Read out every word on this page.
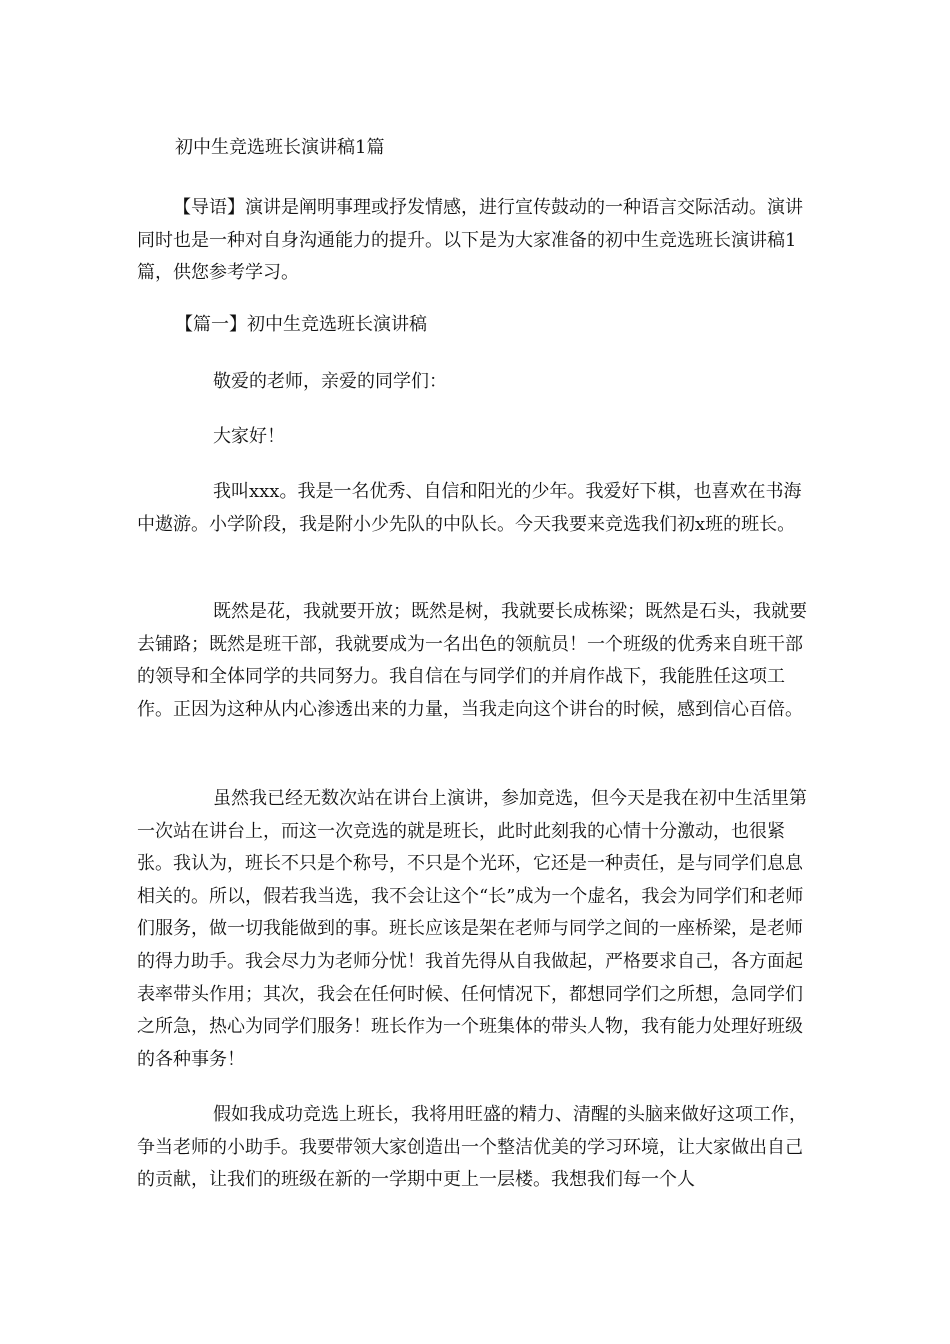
初中生竞选班长演讲稿1篇

【导语】演讲是阐明事理或抒发情感，进行宣传鼓动的一种语言交际活动。演讲同时也是一种对自身沟通能力的提升。以下是为大家准备的初中生竞选班长演讲稿1篇，供您参考学习。

【篇一】初中生竞选班长演讲稿

敬爱的老师，亲爱的同学们：

大家好！

我叫xxx。我是一名优秀、自信和阳光的少年。我爱好下棋，也喜欢在书海中遨游。小学阶段，我是附小少先队的中队长。今天我要来竞选我们初x班的班长。

既然是花，我就要开放；既然是树，我就要长成栋梁；既然是石头，我就要去铺路；既然是班干部，我就要成为一名出色的领航员！一个班级的优秀来自班干部的领导和全体同学的共同努力。我自信在与同学们的并肩作战下，我能胜任这项工作。正因为这种从内心渗透出来的力量，当我走向这个讲台的时候，感到信心百倍。

虽然我已经无数次站在讲台上演讲，参加竞选，但今天是我在初中生活里第一次站在讲台上，而这一次竞选的就是班长，此时此刻我的心情十分激动，也很紧张。我认为，班长不只是个称号，不只是个光环，它还是一种责任，是与同学们息息相关的。所以，假若我当选，我不会让这个“长”成为一个虚名，我会为同学们和老师们服务，做一切我能做到的事。班长应该是架在老师与同学之间的一座桥梁，是老师的得力助手。我会尽力为老师分忧！我首先得从自我做起，严格要求自己，各方面起表率带头作用；其次，我会在任何时候、任何情况下，都想同学们之所想，急同学们之所急，热心为同学们服务！班长作为一个班集体的带头人物，我有能力处理好班级的各种事务！

假如我成功竞选上班长，我将用旺盛的精力、清醒的头脑来做好这项工作，争当老师的小助手。我要带领大家创造出一个整洁优美的学习环境，让大家做出自己的贡献，让我们的班级在新的一学期中更上一层楼。我想我们每一个人
